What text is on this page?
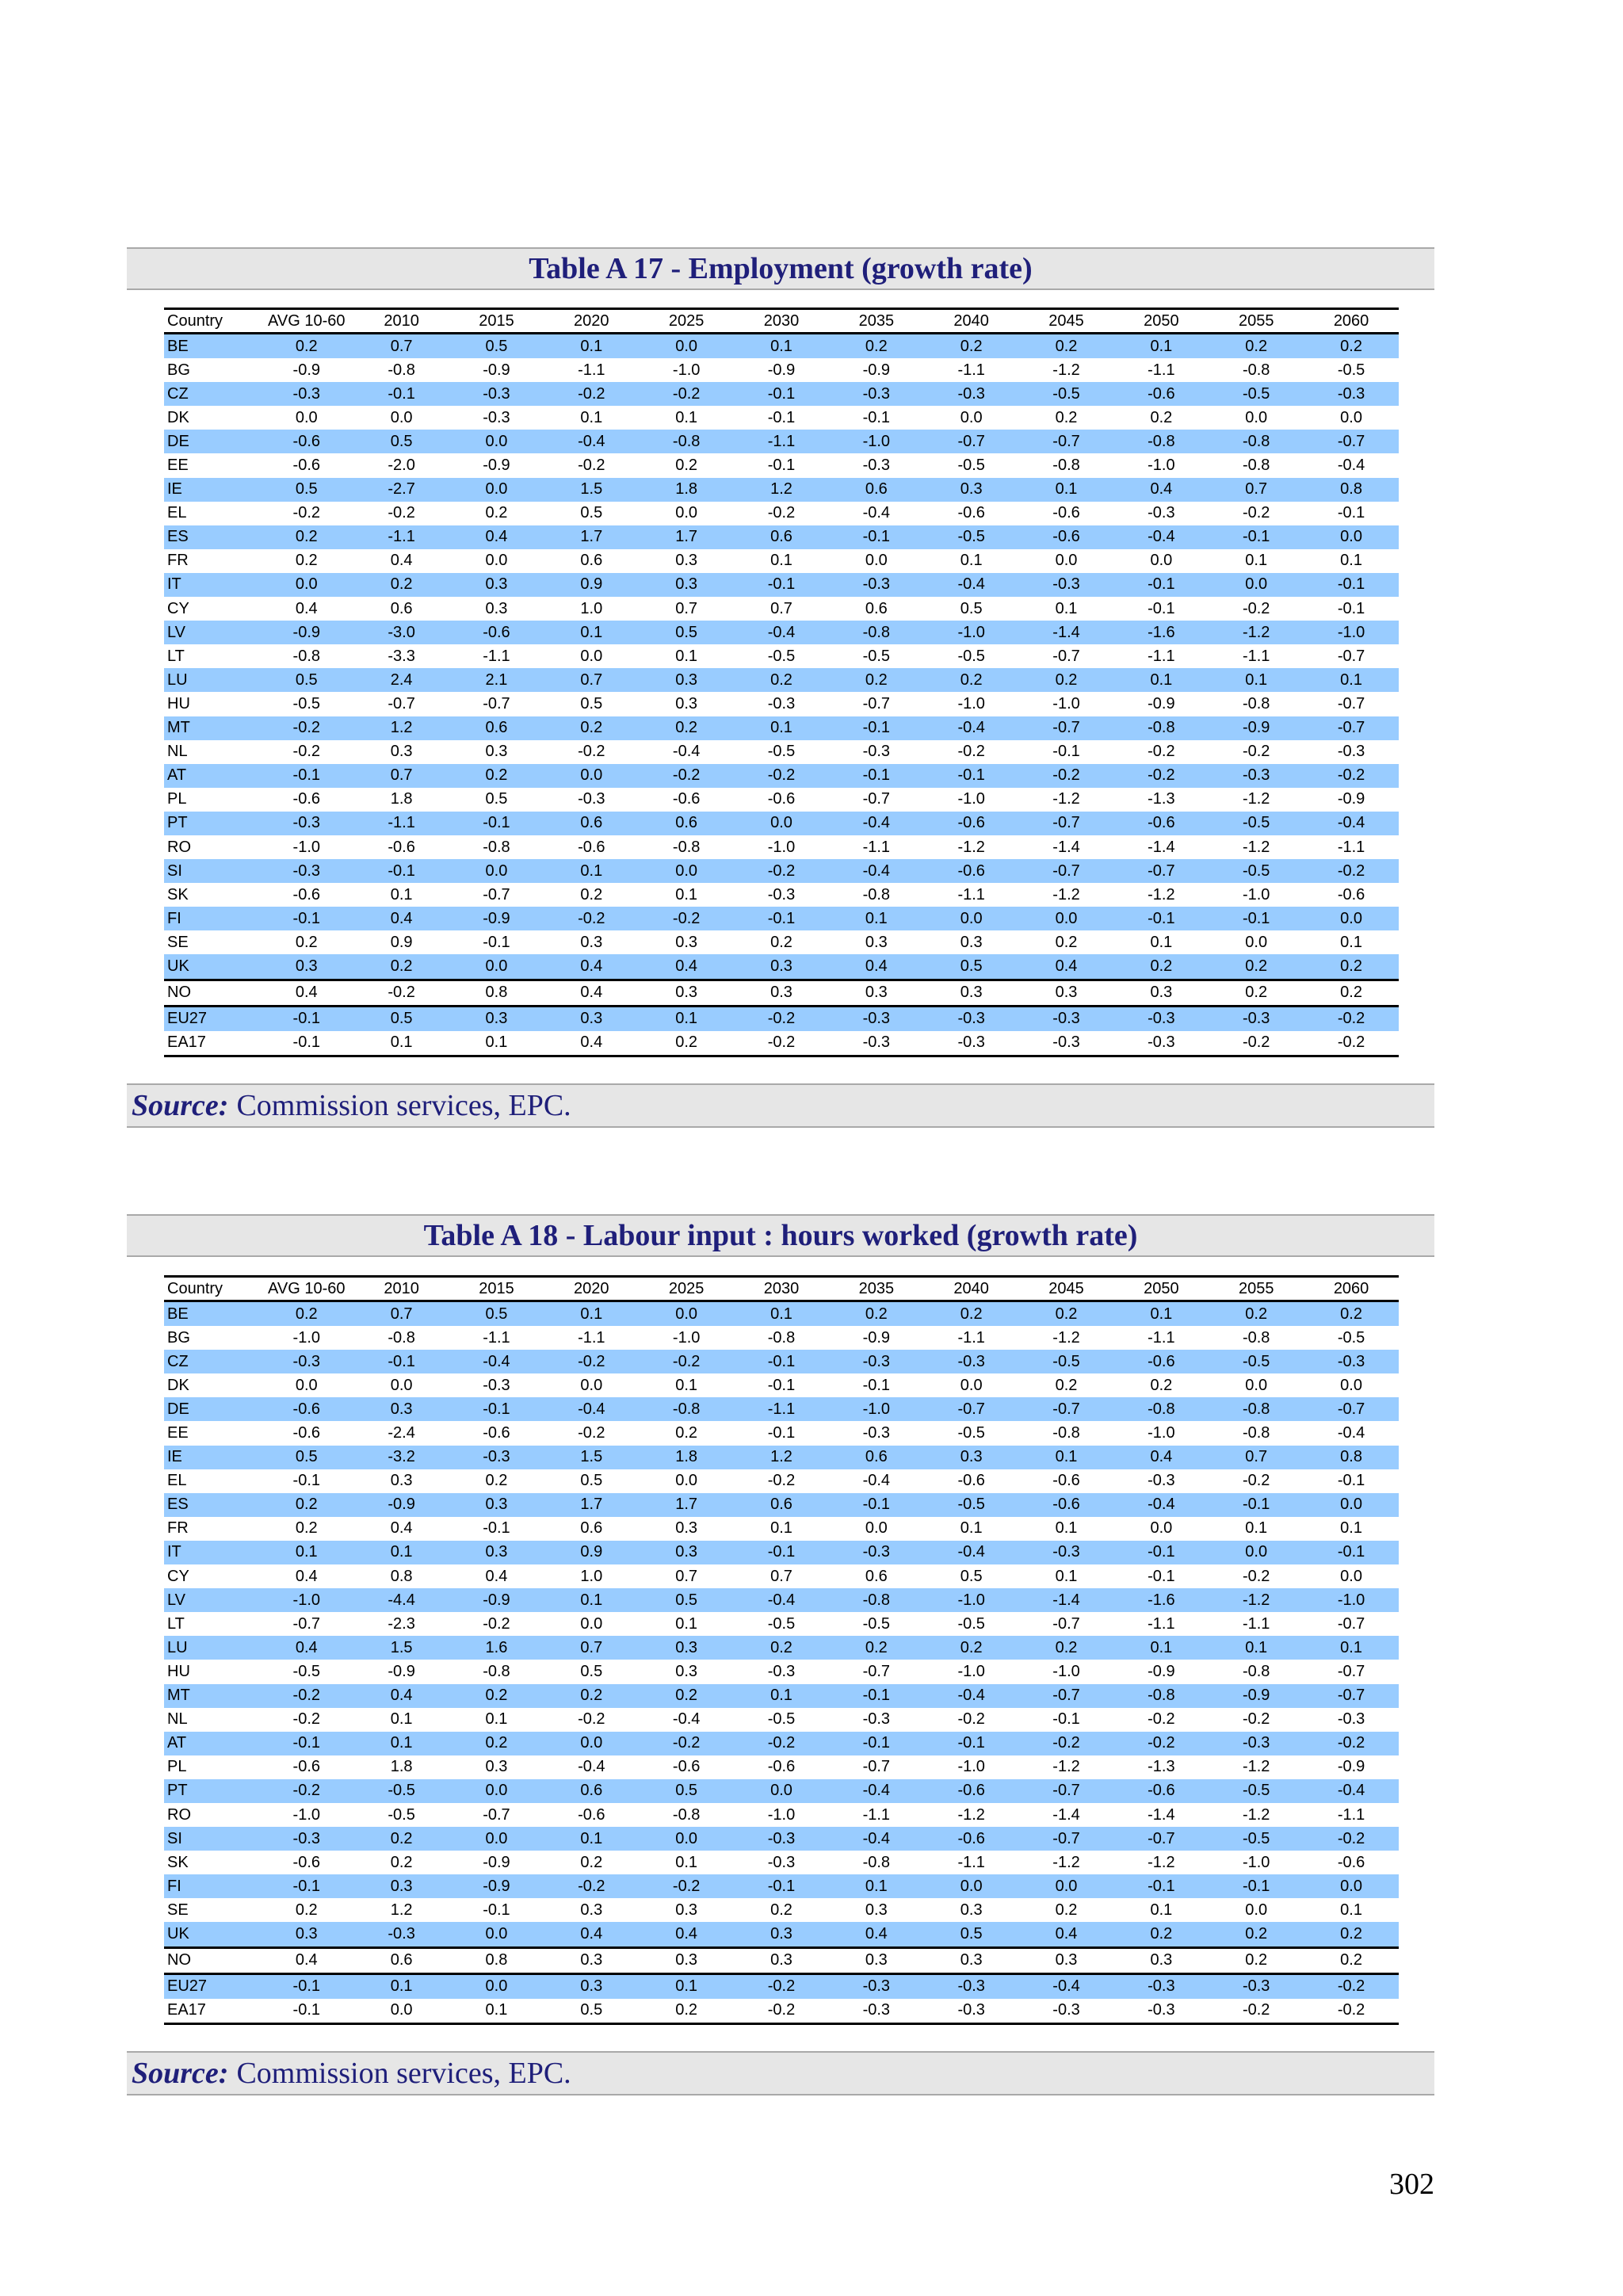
Table A 17 - Employment (growth rate)
Country	AVG 10-60	2010	2015	2020	2025	2030	2035	2040	2045	2050	2055	2060
BE	0.2	0.7	0.5	0.1	0.0	0.1	0.2	0.2	0.2	0.1	0.2	0.2
BG	-0.9	-0.8	-0.9	-1.1	-1.0	-0.9	-0.9	-1.1	-1.2	-1.1	-0.8	-0.5
CZ	-0.3	-0.1	-0.3	-0.2	-0.2	-0.1	-0.3	-0.3	-0.5	-0.6	-0.5	-0.3
DK	0.0	0.0	-0.3	0.1	0.1	-0.1	-0.1	0.0	0.2	0.2	0.0	0.0
DE	-0.6	0.5	0.0	-0.4	-0.8	-1.1	-1.0	-0.7	-0.7	-0.8	-0.8	-0.7
EE	-0.6	-2.0	-0.9	-0.2	0.2	-0.1	-0.3	-0.5	-0.8	-1.0	-0.8	-0.4
IE	0.5	-2.7	0.0	1.5	1.8	1.2	0.6	0.3	0.1	0.4	0.7	0.8
EL	-0.2	-0.2	0.2	0.5	0.0	-0.2	-0.4	-0.6	-0.6	-0.3	-0.2	-0.1
ES	0.2	-1.1	0.4	1.7	1.7	0.6	-0.1	-0.5	-0.6	-0.4	-0.1	0.0
FR	0.2	0.4	0.0	0.6	0.3	0.1	0.0	0.1	0.0	0.0	0.1	0.1
IT	0.0	0.2	0.3	0.9	0.3	-0.1	-0.3	-0.4	-0.3	-0.1	0.0	-0.1
CY	0.4	0.6	0.3	1.0	0.7	0.7	0.6	0.5	0.1	-0.1	-0.2	-0.1
LV	-0.9	-3.0	-0.6	0.1	0.5	-0.4	-0.8	-1.0	-1.4	-1.6	-1.2	-1.0
LT	-0.8	-3.3	-1.1	0.0	0.1	-0.5	-0.5	-0.5	-0.7	-1.1	-1.1	-0.7
LU	0.5	2.4	2.1	0.7	0.3	0.2	0.2	0.2	0.2	0.1	0.1	0.1
HU	-0.5	-0.7	-0.7	0.5	0.3	-0.3	-0.7	-1.0	-1.0	-0.9	-0.8	-0.7
MT	-0.2	1.2	0.6	0.2	0.2	0.1	-0.1	-0.4	-0.7	-0.8	-0.9	-0.7
NL	-0.2	0.3	0.3	-0.2	-0.4	-0.5	-0.3	-0.2	-0.1	-0.2	-0.2	-0.3
AT	-0.1	0.7	0.2	0.0	-0.2	-0.2	-0.1	-0.1	-0.2	-0.2	-0.3	-0.2
PL	-0.6	1.8	0.5	-0.3	-0.6	-0.6	-0.7	-1.0	-1.2	-1.3	-1.2	-0.9
PT	-0.3	-1.1	-0.1	0.6	0.6	0.0	-0.4	-0.6	-0.7	-0.6	-0.5	-0.4
RO	-1.0	-0.6	-0.8	-0.6	-0.8	-1.0	-1.1	-1.2	-1.4	-1.4	-1.2	-1.1
SI	-0.3	-0.1	0.0	0.1	0.0	-0.2	-0.4	-0.6	-0.7	-0.7	-0.5	-0.2
SK	-0.6	0.1	-0.7	0.2	0.1	-0.3	-0.8	-1.1	-1.2	-1.2	-1.0	-0.6
FI	-0.1	0.4	-0.9	-0.2	-0.2	-0.1	0.1	0.0	0.0	-0.1	-0.1	0.0
SE	0.2	0.9	-0.1	0.3	0.3	0.2	0.3	0.3	0.2	0.1	0.0	0.1
UK	0.3	0.2	0.0	0.4	0.4	0.3	0.4	0.5	0.4	0.2	0.2	0.2
NO	0.4	-0.2	0.8	0.4	0.3	0.3	0.3	0.3	0.3	0.3	0.2	0.2
EU27	-0.1	0.5	0.3	0.3	0.1	-0.2	-0.3	-0.3	-0.3	-0.3	-0.3	-0.2
EA17	-0.1	0.1	0.1	0.4	0.2	-0.2	-0.3	-0.3	-0.3	-0.3	-0.2	-0.2
Source: Commission services, EPC.
Table A 18 - Labour input : hours worked (growth rate)
Country	AVG 10-60	2010	2015	2020	2025	2030	2035	2040	2045	2050	2055	2060
BE	0.2	0.7	0.5	0.1	0.0	0.1	0.2	0.2	0.2	0.1	0.2	0.2
BG	-1.0	-0.8	-1.1	-1.1	-1.0	-0.8	-0.9	-1.1	-1.2	-1.1	-0.8	-0.5
CZ	-0.3	-0.1	-0.4	-0.2	-0.2	-0.1	-0.3	-0.3	-0.5	-0.6	-0.5	-0.3
DK	0.0	0.0	-0.3	0.0	0.1	-0.1	-0.1	0.0	0.2	0.2	0.0	0.0
DE	-0.6	0.3	-0.1	-0.4	-0.8	-1.1	-1.0	-0.7	-0.7	-0.8	-0.8	-0.7
EE	-0.6	-2.4	-0.6	-0.2	0.2	-0.1	-0.3	-0.5	-0.8	-1.0	-0.8	-0.4
IE	0.5	-3.2	-0.3	1.5	1.8	1.2	0.6	0.3	0.1	0.4	0.7	0.8
EL	-0.1	0.3	0.2	0.5	0.0	-0.2	-0.4	-0.6	-0.6	-0.3	-0.2	-0.1
ES	0.2	-0.9	0.3	1.7	1.7	0.6	-0.1	-0.5	-0.6	-0.4	-0.1	0.0
FR	0.2	0.4	-0.1	0.6	0.3	0.1	0.0	0.1	0.1	0.0	0.1	0.1
IT	0.1	0.1	0.3	0.9	0.3	-0.1	-0.3	-0.4	-0.3	-0.1	0.0	-0.1
CY	0.4	0.8	0.4	1.0	0.7	0.7	0.6	0.5	0.1	-0.1	-0.2	0.0
LV	-1.0	-4.4	-0.9	0.1	0.5	-0.4	-0.8	-1.0	-1.4	-1.6	-1.2	-1.0
LT	-0.7	-2.3	-0.2	0.0	0.1	-0.5	-0.5	-0.5	-0.7	-1.1	-1.1	-0.7
LU	0.4	1.5	1.6	0.7	0.3	0.2	0.2	0.2	0.2	0.1	0.1	0.1
HU	-0.5	-0.9	-0.8	0.5	0.3	-0.3	-0.7	-1.0	-1.0	-0.9	-0.8	-0.7
MT	-0.2	0.4	0.2	0.2	0.2	0.1	-0.1	-0.4	-0.7	-0.8	-0.9	-0.7
NL	-0.2	0.1	0.1	-0.2	-0.4	-0.5	-0.3	-0.2	-0.1	-0.2	-0.2	-0.3
AT	-0.1	0.1	0.2	0.0	-0.2	-0.2	-0.1	-0.1	-0.2	-0.2	-0.3	-0.2
PL	-0.6	1.8	0.3	-0.4	-0.6	-0.6	-0.7	-1.0	-1.2	-1.3	-1.2	-0.9
PT	-0.2	-0.5	0.0	0.6	0.5	0.0	-0.4	-0.6	-0.7	-0.6	-0.5	-0.4
RO	-1.0	-0.5	-0.7	-0.6	-0.8	-1.0	-1.1	-1.2	-1.4	-1.4	-1.2	-1.1
SI	-0.3	0.2	0.0	0.1	0.0	-0.3	-0.4	-0.6	-0.7	-0.7	-0.5	-0.2
SK	-0.6	0.2	-0.9	0.2	0.1	-0.3	-0.8	-1.1	-1.2	-1.2	-1.0	-0.6
FI	-0.1	0.3	-0.9	-0.2	-0.2	-0.1	0.1	0.0	0.0	-0.1	-0.1	0.0
SE	0.2	1.2	-0.1	0.3	0.3	0.2	0.3	0.3	0.2	0.1	0.0	0.1
UK	0.3	-0.3	0.0	0.4	0.4	0.3	0.4	0.5	0.4	0.2	0.2	0.2
NO	0.4	0.6	0.8	0.3	0.3	0.3	0.3	0.3	0.3	0.3	0.2	0.2
EU27	-0.1	0.1	0.0	0.3	0.1	-0.2	-0.3	-0.3	-0.4	-0.3	-0.3	-0.2
EA17	-0.1	0.0	0.1	0.5	0.2	-0.2	-0.3	-0.3	-0.3	-0.3	-0.2	-0.2
Source: Commission services, EPC.
302
